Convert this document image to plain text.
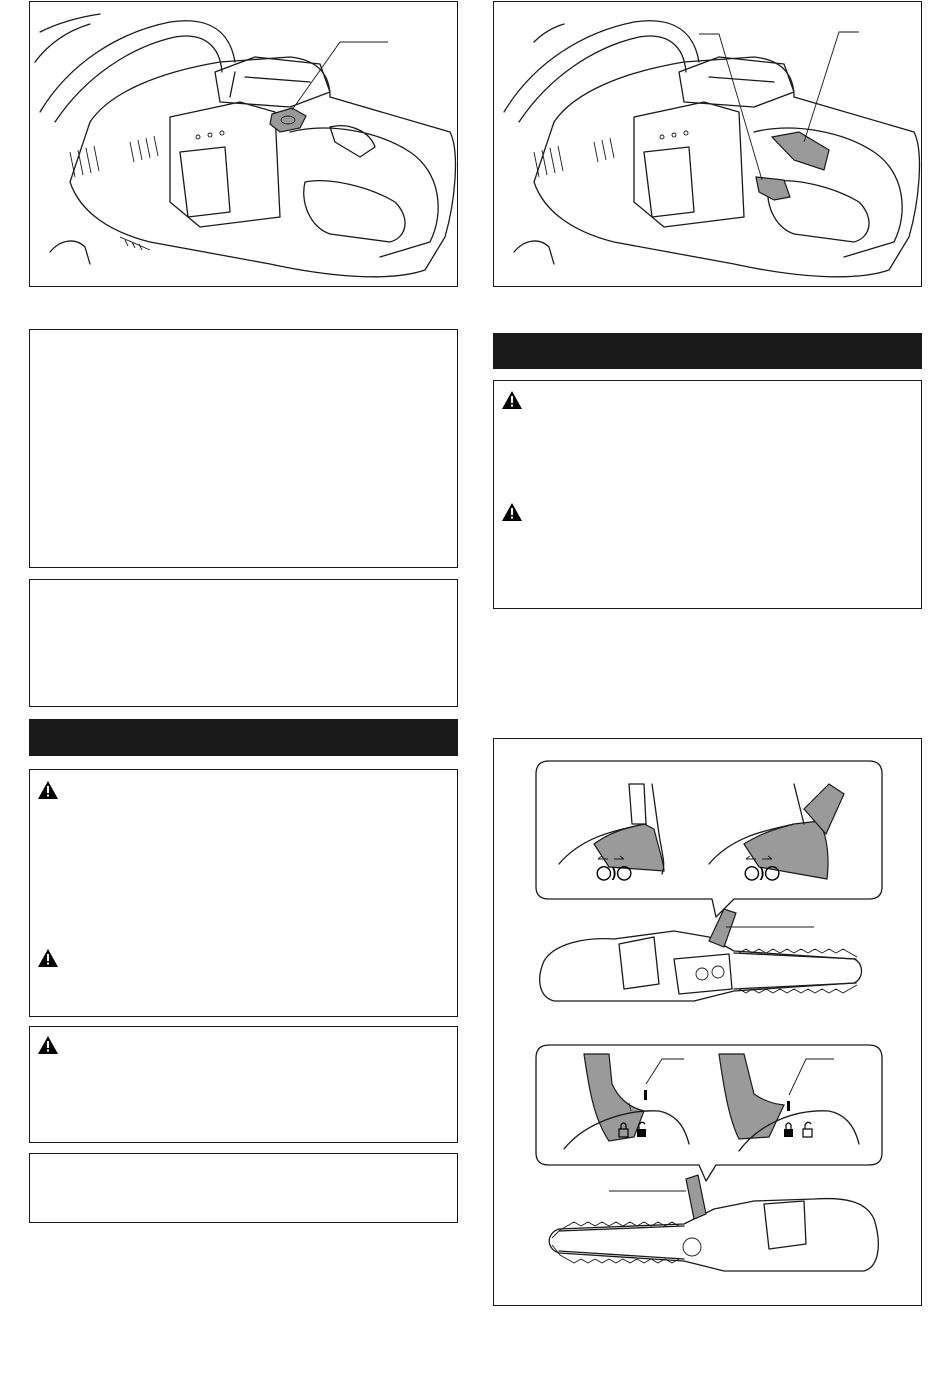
◯)◯	◯)◯
